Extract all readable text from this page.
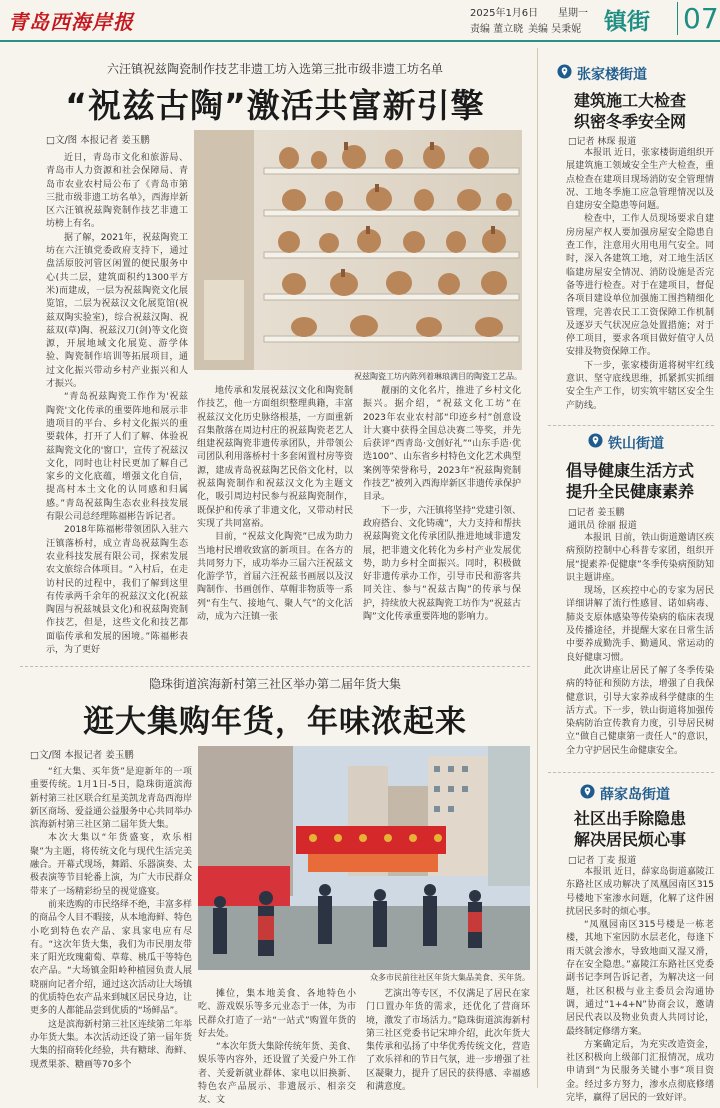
青岛西海岸报	2025年1月6日 星期一
责编 董立晓 美编 吴秉妮 镇街 07
六汪镇祝兹陶瓷制作技艺非遗工坊入选第三批市级非遗工坊名单
“祝兹古陶”激活共富新引擎
□文/图 本报记者 姜玉鹏
祝兹陶瓷工坊内陈列着琳琅满目的陶瓷工艺品。

近日，青岛市文化和旅游局、青岛市人力资源和社会保障局、青岛市农业农村局公布了《青岛市第三批市级非遗工坊名单》，西海岸新区六汪镇祝兹陶瓷制作技艺非遗工坊榜上有名。

据了解，2021年，祝兹陶瓷工坊在六汪镇党委政府支持下，通过盘活原胶河管区闲置的便民服务中心(共二层，建筑面积约1300平方米)而建成，一层为祝兹陶瓷文化展览馆，二层为祝兹汉文化展览馆(祝兹双陶实验室)，综合祝兹汉陶、祝兹双(草)陶、祝兹汉刀(剑)等文化资源，开展地域文化展览、游学体验、陶瓷制作培训等拓展项目，通过文化振兴带动乡村产业振兴和人才振兴。

“青岛祝兹陶瓷工作作为'祝兹陶瓷'文化传承的重要阵地和展示非遗项目的平台、乡村文化振兴的重要载体，打开了人们了解、体验祝兹陶瓷文化的'窗口'，宣传了祝兹汉文化，同时也让村民更加了解自己家乡的文化底蕴，增强文化自信，提高村本土文化的认同感和归属感。”青岛祝兹陶生态农业科技发展有限公司总经理陈福彬告诉记者。

2018年陈福彬带领团队入驻六汪镇落桥村，成立青岛祝兹陶生态农业科技发展有限公司，探索发展农文旅综合体项目。“入村后，在走访村民的过程中，我们了解到这里有传承两千余年的祝兹汉文化(祝兹陶固与祝兹城县文化)和祝兹陶瓷制作技艺，但是，这些文化和技艺都面临传承和发展的困境。”陈福彬表示，为了更好

地传承和发展祝兹汉文化和陶瓷制作技艺，他一方面组织整理典籍，丰富祝兹汉文化历史脉络根基，一方面重新召集散落在周边村庄的祝兹陶瓷老艺人组建祝兹陶瓷非遗传承团队，并带领公司团队利用落桥村十多套闲置村房等资源，建成青岛祝兹陶艺民俗文化村，以祝兹陶瓷制作和祝兹汉文化为主题文化，吸引周边村民参与祝兹陶瓷制作，既保护和传承了非遗文化，又带动村民实现了共同富裕。

目前，“祝兹文化陶瓷”已成为助力当地村民增收致富的新项目。在各方的共同努力下，成功举办三届六汪祝兹文化游学节，首届六汪祝兹书画展以及汉陶制作、书画创作、草帽非物质等一系列“有生气、接地气、聚人气”的文化活动，成为六汪镇一张

靓丽的文化名片，推进了乡村文化振兴。据介绍，“祝兹文化工坊”在2023年农业农村部“印迹乡村”创意设计大赛中获得全国总决赛二等奖，并先后获评“西青岛·文创好礼”“山东手造·优选100”、山东省乡村特色文化艺术典型案例等荣誉称号，2023年“祝兹陶瓷制作技艺”被列入西海岸新区非遗传承保护目录。

下一步，六汪镇将坚持“党建引领、政府搭台、文化铸魂”，大力支持和帮扶祝兹陶瓷文化传承团队推进地域非遗发展，把非遗文化转化为乡村产业发展优势，助力乡村全面振兴。同时，积极做好非遗传承办工作，引导市民和游客共同关注、参与“祝兹古陶”的传承与保护，持续放大祝兹陶瓷工坊作为“祝兹古陶”文化传承重要阵地的影响力。

隐珠街道滨海新村第三社区举办第二届年货大集
逛大集购年货，年味浓起来
□文/图 本报记者 姜玉鹏
众多市民前往社区年货大集品美食、买年货。

“红大集、买年货”是迎新年的一项重要传统。1月1日-5日，隐珠街道滨海新村第三社区联合红星美凯龙青岛西海岸新区商场、爱益通公益服务中心共同举办滨海新村第三社区第二届年货大集。

本次大集以“年货盛宴，欢乐相聚”为主题，将传统文化与现代生活完美融合。开幕式现场，舞蹈、乐器演奏、太极表演等节目轮番上演，为广大市民群众带来了一场精彩纷呈的视觉盛宴。

前来选购的市民络绎不绝，丰富多样的商品令人目不暇接，从本地海鲜、特色小吃到特色农产品、家具家电应有尽有。“这次年货大集，我们为市民朋友带来了阳光玫瑰葡萄、草莓、桃瓜干等特色农产品。“大场镇金阳岭种植园负责人展晓丽向记者介绍，通过这次活动让大场镇的优质特色农产品来到城区居民身边，让更多的人都能品尝到优质的“场鲜品”。

这是滨海新村第三社区连续第二年举办年货大集。本次活动还设了第一届年货大集的招商转化经验，共有糖球、海鲜、现煮果茶、糖画等70多个

摊位，集本地美食、各地特色小吃、游戏娱乐等多元业态于一体，为市民群众打造了一站“一站式”购置年货的好去处。

“本次年货大集除传统年货、美食、娱乐等内容外，还设置了关爱户外工作者、关爱新就业群体、家电以旧换新、特色农产品展示、非遗展示、相亲交友、文

艺演出等专区，不仅满足了居民在家门口置办年货的需求，还优化了营商环境，激发了市场活力。”隐珠街道滨海新村第三社区党委书记宋坤介绍，此次年货大集传承和弘扬了中华优秀传统文化，营造了欢乐祥和的节日气氛，进一步增强了社区凝聚力，提升了居民的获得感、幸福感和满意度。

张家楼街道
建筑施工大检查
织密冬季安全网
□记者 林琛 报道

本报讯 近日，张家楼街道组织开展建筑施工领域安全生产大检查，重点检查在建项目现场消防安全管理情况、工地冬季施工应急管理情况以及自建房安全隐患等问题。

检查中，工作人员现场要求自建房房屋产权人要加强房屋安全隐患自查工作，注意用火用电用气安全。同时，深入各建筑工地，对工地生活区临建房屋安全情况、消防设施是否完备等进行检查。对于在建项目，督促各项目建设单位加强施工围挡精细化管理，完善农民工工资保障工作机制及逐岁天气状况应急处置措施；对于停工项目，要求各项目做好值守人员安排及物资保障工作。

下一步，张家楼街道将树牢红线意识、坚守底线思维，抓紧抓实抓细安全生产工作，切实筑牢辖区安全生产防线。

铁山街道
倡导健康生活方式
提升全民健康素养
□记者 姜玉鹏
通讯员 徐丽 报道

本报讯 日前，铁山街道邀请区疾病预防控制中心科普专家团，组织开展“提素养·促健康”冬季传染病预防知识主题讲座。

现场，区疾控中心的专家为居民详细讲解了流行性感冒、诺如病毒、肺炎支原体感染等传染病的临床表现及传播途径，并提醒大家在日常生活中要养成勤洗手、勤通风、常运动的良好健康习惯。

此次讲座让居民了解了冬季传染病的特征和预防方法，增强了自我保健意识，引导大家养成科学健康的生活方式。下一步，铁山街道将加强传染病防治宣传教育力度，引导居民树立“做自己健康第一责任人”的意识，全力守护居民生命健康安全。

薛家岛街道
社区出手除隐患
解决居民烦心事
□记者 丁麦 报道

本报讯 近日，薛家岛街道嘉陵江东路社区成功解决了凤凰园南区315号楼地下室渗水问题，化解了这件困扰居民多时的烦心事。

“凤凰园南区315号楼是一栋老楼，其地下室因防水层老化，每逢下雨天就会渗水，导致地面又湿又滑，存在安全隐患。”嘉陵江东路社区党委副书记李珂告诉记者，为解决这一问题，社区积极与业主委员会沟通协调，通过“1+4+N”协商会议，邀请居民代表以及物业负责人共同讨论，最终制定修缮方案。

方案确定后，为充实改造资金，社区积极向上级部门汇报情况，成功申请到“为民服务关键小事”项目资金。经过多方努力，渗水点彻底修缮完毕，赢得了居民的一致好评。
